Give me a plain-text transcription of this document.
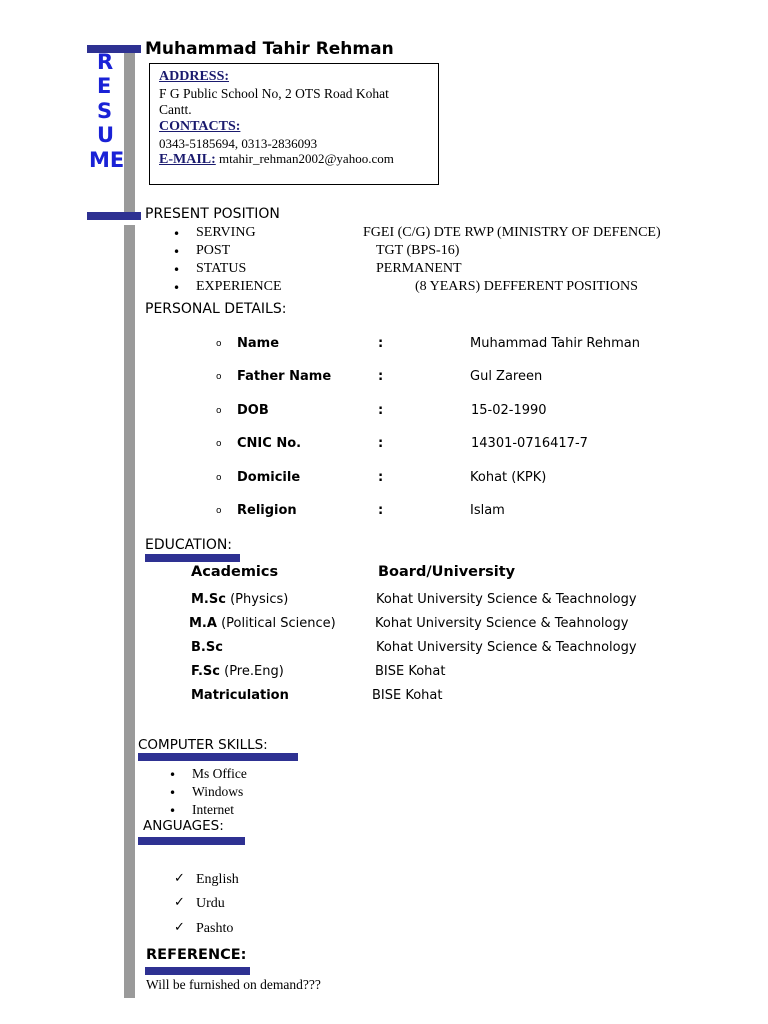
R
E
S
U
ME
Muhammad Tahir Rehman
ADDRESS:
F G Public School No, 2 OTS Road Kohat
Cantt.
CONTACTS:
0343-5185694, 0313-2836093
E-MAIL: mtahir_rehman2002@yahoo.com
PRESENT POSITION
• SERVING	FGEI (C/G) DTE RWP (MINISTRY OF DEFENCE)
• POST	TGT (BPS-16)
• STATUS	PERMANENT
• EXPERIENCE	(8 YEARS) DEFFERENT POSITIONS
PERSONAL DETAILS:
o Name	:	Muhammad Tahir Rehman
o Father Name	:	Gul Zareen
o DOB	:	15-02-1990
o CNIC No.	:	14301-0716417-7
o Domicile	:	Kohat (KPK)
o Religion	:	Islam
EDUCATION:
Academics	Board/University
M.Sc (Physics)	Kohat University Science & Teachnology
M.A (Political Science)	Kohat University Science & Teahnology
B.Sc	Kohat University Science & Teachnology
F.Sc (Pre.Eng)	BISE Kohat
Matriculation	BISE Kohat
COMPUTER SKILLS:
• Ms Office
• Windows
• Internet
ANGUAGES:
✓ English
✓ Urdu
✓ Pashto
REFERENCE:
Will be furnished on demand???
